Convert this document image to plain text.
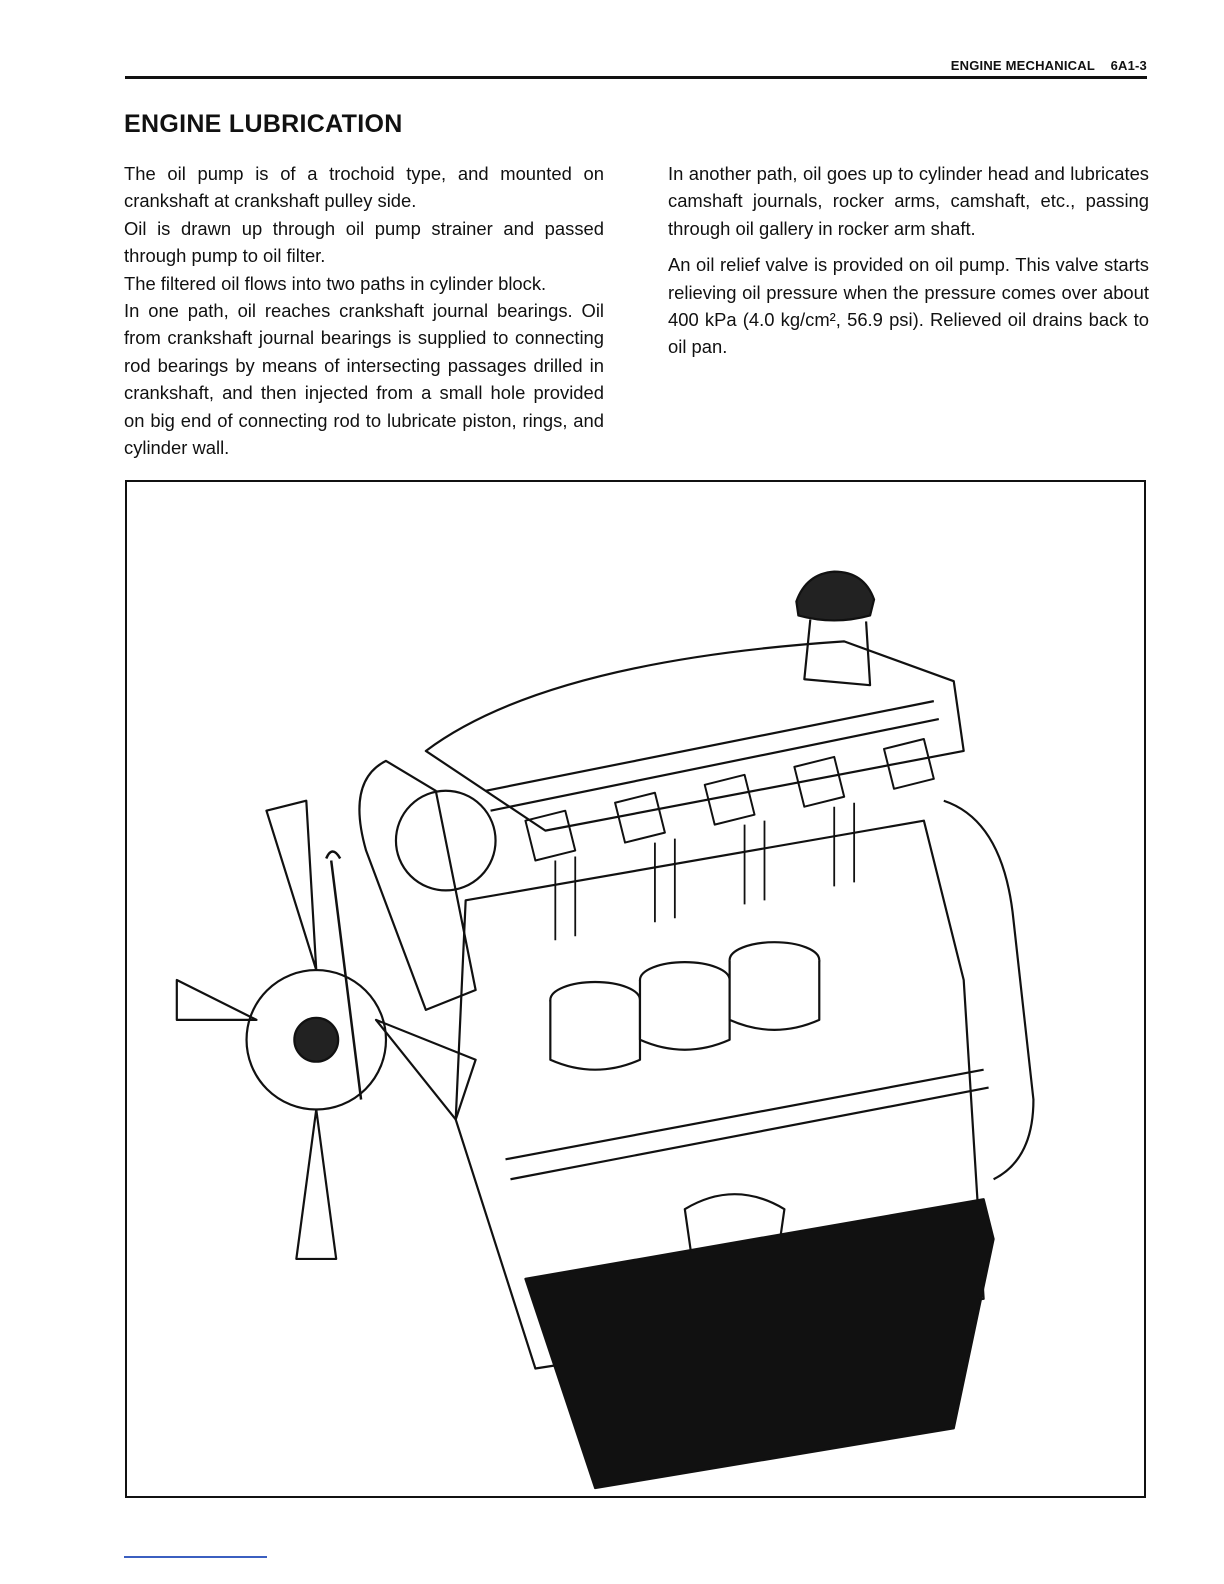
ENGINE MECHANICAL 6A1-3
ENGINE LUBRICATION

The oil pump is of a trochoid type, and mounted on crankshaft at crankshaft pulley side.

Oil is drawn up through oil pump strainer and passed through pump to oil filter.

The filtered oil flows into two paths in cylinder block.

In one path, oil reaches crankshaft journal bearings. Oil from crankshaft journal bearings is supplied to connecting rod bearings by means of intersecting passages drilled in crankshaft, and then injected from a small hole provided on big end of connecting rod to lubricate piston, rings, and cylinder wall.

In another path, oil goes up to cylinder head and lubricates camshaft journals, rocker arms, camshaft, etc., passing through oil gallery in rocker arm shaft.

An oil relief valve is provided on oil pump. This valve starts relieving oil pressure when the pressure comes over about 400 kPa (4.0 kg/cm², 56.9 psi). Relieved oil drains back to oil pan.
